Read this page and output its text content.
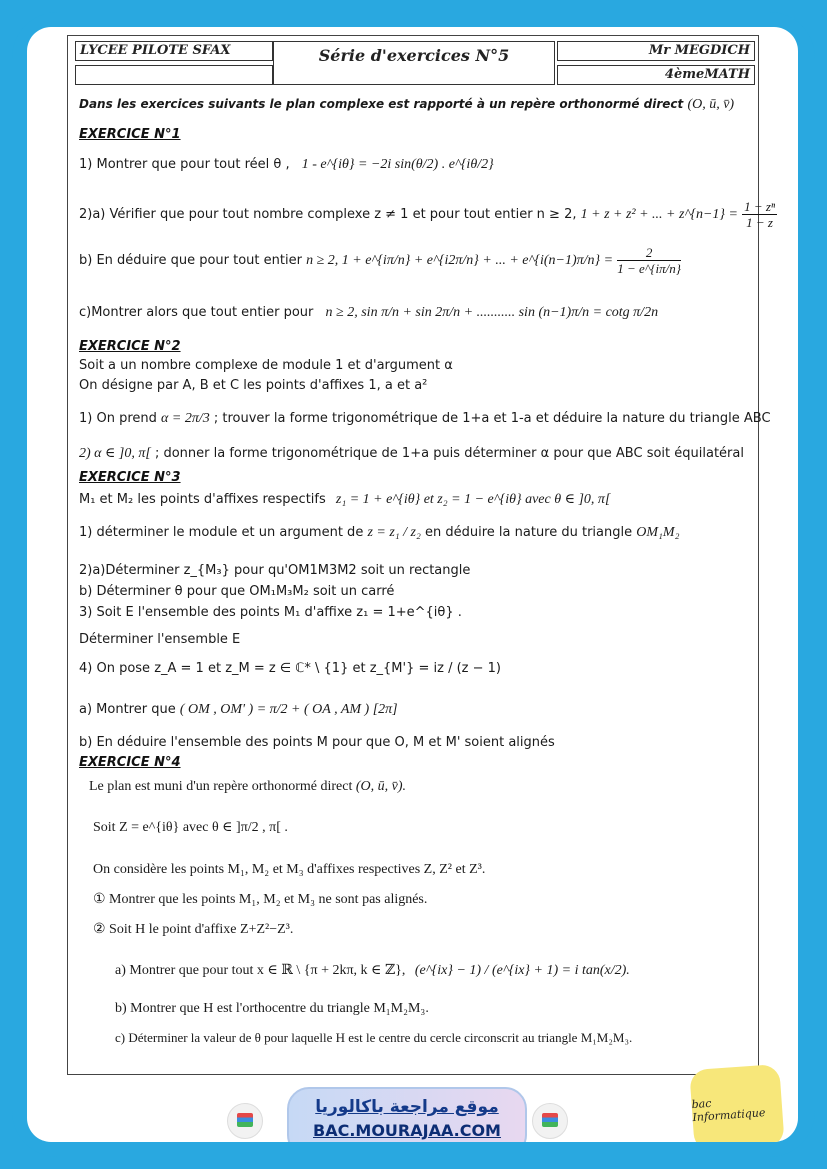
LYCEE PILOTE SFAX	Série d'exercices N°5	Mr MEGDICH
4èmeMATH
Dans les exercices suivants le plan complexe est rapporté à un repère orthonormé direct (O, ū, v̄)
EXERCICE N°1
1) Montrer que pour tout réel θ , 1 - e^{iθ} = −2i sin(θ/2) . e^{iθ/2}
2)a) Vérifier que pour tout nombre complexe z ≠ 1 et pour tout entier n ≥ 2, 1 + z + z² + ... + z^{n−1} = $\frac{\text{1 − zⁿ}}{1 - z}$
b) En déduire que pour tout entier n ≥ 2, 1 + e^{iπ/n} + e^{i2π/n} + ... + e^{i(n−1)π/n} = $\frac{2}{1 - e\^{}\{i\pi/n\}}$
c)Montrer alors que tout entier pour n ≥ 2, sin π/n + sin 2π/n + ........... sin (n−1)π/n = cotg π/2n
EXERCICE N°2
Soit a un nombre complexe de module 1 et d'argument α
On désigne par A, B et C les points d'affixes 1, a et a²
1) On prend α = 2π/3 ; trouver la forme trigonométrique de 1+a et 1-a et déduire la nature du triangle ABC
2) α ∈ ]0, π[ ; donner la forme trigonométrique de 1+a puis déterminer α pour que ABC soit équilatéral
EXERCICE N°3
M₁ et M₂ les points d'affixes respectifs z₁ = 1 + e^{iθ} et z₂ = 1 − e^{iθ} avec θ ∈ ]0, π[
1) déterminer le module et un argument de z = z₁ / z₂ en déduire la nature du triangle OM₁M₂
2)a)Déterminer z_{M₃} pour qu'OM1M3M2 soit un rectangle
b) Déterminer θ pour que OM₁M₃M₂ soit un carré
3) Soit E l'ensemble des points M₁ d'affixe z₁ = 1+e^{iθ} .
Déterminer l'ensemble E
4) On pose z_A = 1 et z_M = z ∈ ℂ* \ {1} et z_{M'} = iz / (z − 1)
a) Montrer que ( OM , OM' ) = π/2 + ( OA , AM ) [2π]
b) En déduire l'ensemble des points M pour que O, M et M' soient alignés
EXERCICE N°4
Le plan est muni d'un repère orthonormé direct (O, ū, v̄).
Soit Z = e^{iθ} avec θ ∈ ]π/2 , π[ .
On considère les points M₁, M₂ et M₃ d'affixes respectives Z, Z² et Z³.
① Montrer que les points M₁, M₂ et M₃ ne sont pas alignés.
② Soit H le point d'affixe Z+Z²−Z³.
a) Montrer que pour tout x ∈ ℝ \ {π + 2kπ, k ∈ ℤ}, (e^{ix} − 1) / (e^{ix} + 1) = i tan(x/2).
b) Montrer que H est l'orthocentre du triangle M₁M₂M₃.
c) Déterminer la valeur de θ pour laquelle H est le centre du cercle circonscrit au triangle M₁M₂M₃.
موقع مراجعة باكالوريا
BAC.MOURAJAA.COM
bac Informatique
